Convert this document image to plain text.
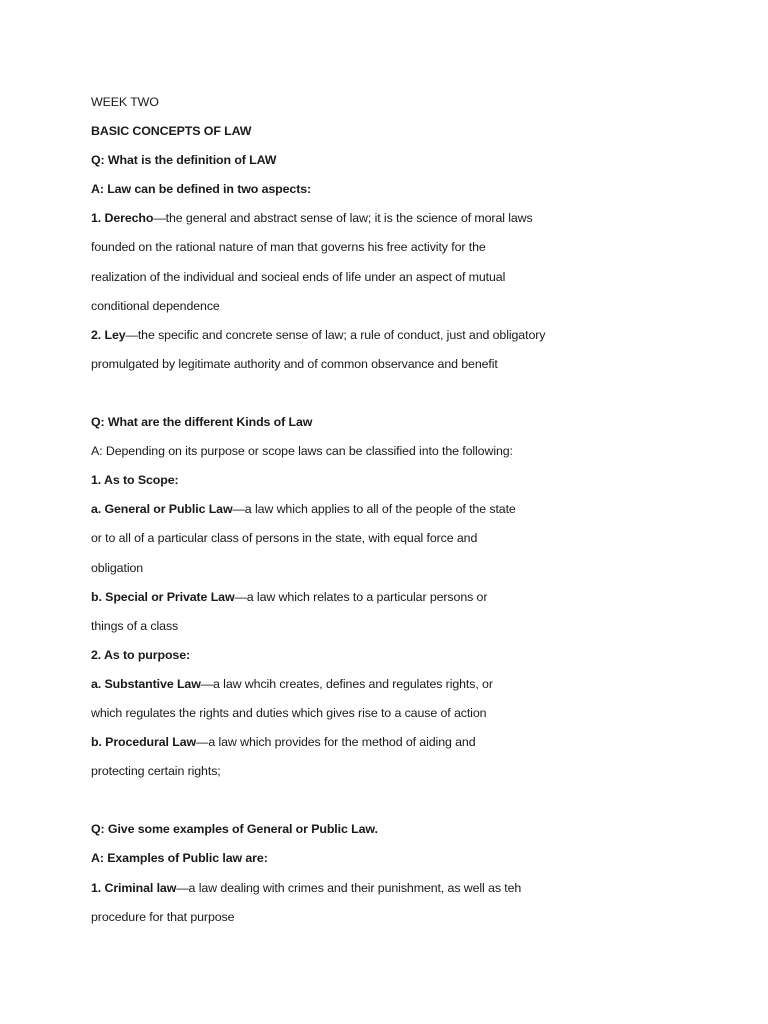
WEEK TWO
BASIC CONCEPTS OF LAW
Q: What is the definition of LAW
A: Law can be defined in two aspects:
1. Derecho—the general and abstract sense of law; it is the science of moral laws
founded on the rational nature of man that governs his free activity for the
realization of the individual and socieal ends of life under an aspect of mutual
conditional dependence
2. Ley—the specific and concrete sense of law; a rule of conduct, just and obligatory
promulgated by legitimate authority and of common observance and benefit
Q: What are the different Kinds of Law
A: Depending on its purpose or scope laws can be classified into the following:
1. As to Scope:
a. General or Public Law—a law which applies to all of the people of the state
or to all of a particular class of persons in the state, with equal force and
obligation
b. Special or Private Law—a law which relates to a particular persons or
things of a class
2. As to purpose:
a. Substantive Law—a law whcih creates, defines and regulates rights, or
which regulates the rights and duties which gives rise to a cause of action
b. Procedural Law—a law which provides for the method of aiding and
protecting certain rights;
Q: Give some examples of General or Public Law.
A: Examples of Public law are:
1. Criminal law—a law dealing with crimes and their punishment, as well as teh
procedure for that purpose
